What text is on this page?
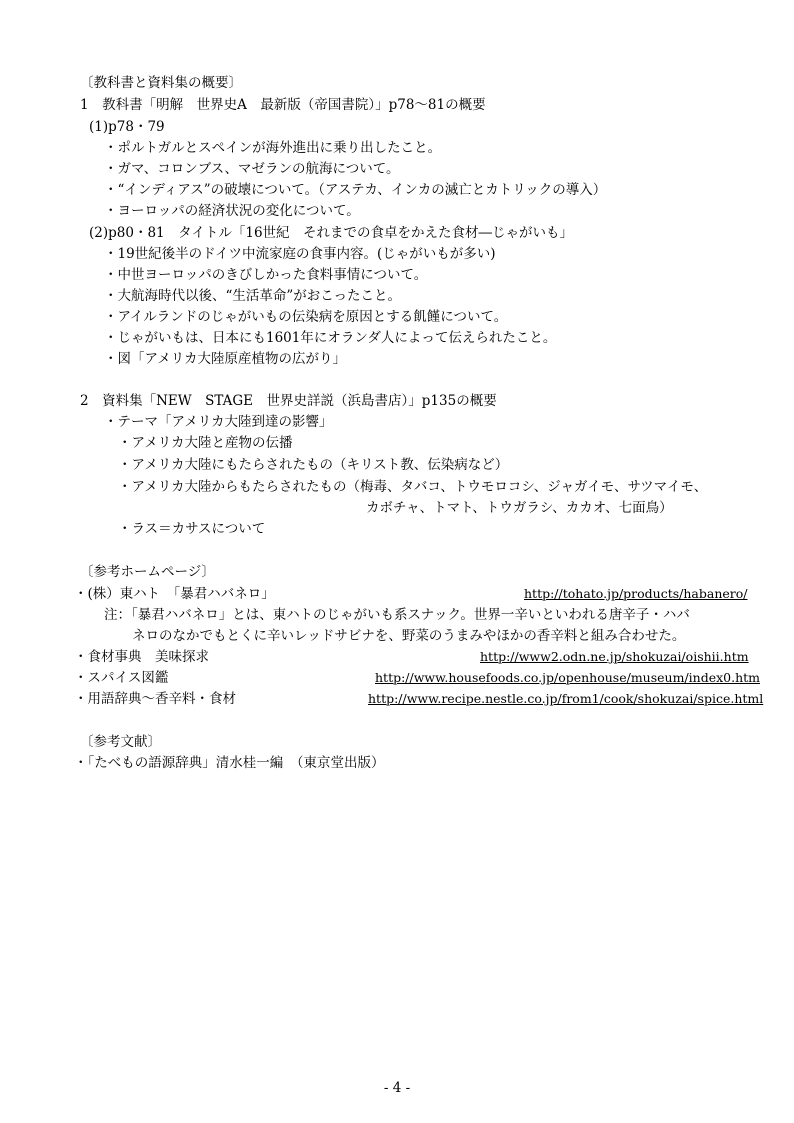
〔教科書と資料集の概要〕
1　教科書「明解　世界史A　最新版（帝国書院）」p78～81の概要
(1)p78・79
・ポルトガルとスペインが海外進出に乗り出したこと。
・ガマ、コロンブス、マゼランの航海について。
・“インディアス”の破壊について。（アステカ、インカの滅亡とカトリックの導入）
・ヨーロッパの経済状況の変化について。
(2)p80・81　タイトル「16世紀　それまでの食卓をかえた食材―じゃがいも」
・19世紀後半のドイツ中流家庭の食事内容。(じゃがいもが多い)
・中世ヨーロッパのきびしかった食料事情について。
・大航海時代以後、“生活革命”がおこったこと。
・アイルランドのじゃがいもの伝染病を原因とする飢饉について。
・じゃがいもは、日本にも1601年にオランダ人によって伝えられたこと。
・図「アメリカ大陸原産植物の広がり」
2　資料集「NEW　STAGE　世界史詳説（浜島書店）」p135の概要
・テーマ「アメリカ大陸到達の影響」
・アメリカ大陸と産物の伝播
・アメリカ大陸にもたらされたもの（キリスト教、伝染病など）
・アメリカ大陸からもたらされたもの（梅毒、タバコ、トウモロコシ、ジャガイモ、サツマイモ、
カボチャ、トマト、トウガラシ、カカオ、七面鳥）
・ラス＝カサスについて
〔参考ホームページ〕
・(株）東ハト　「暴君ハバネロ」	http://tohato.jp/products/habanero/
注：「暴君ハバネロ」とは、東ハトのじゃがいも系スナック。世界一辛いといわれる唐辛子・ハバ
ネロのなかでもとくに辛いレッドサビナを、野菜のうまみやほかの香辛料と組み合わせた。
・食材事典　美味探求	http://www2.odn.ne.jp/shokuzai/oishii.htm
・スパイス図鑑	http://www.housefoods.co.jp/openhouse/museum/index0.htm
・用語辞典～香辛料・食材	http://www.recipe.nestle.co.jp/from1/cook/shokuzai/spice.html
〔参考文献〕
・「たべもの語源辞典」清水桂一編　（東京堂出版）
- 4 -
